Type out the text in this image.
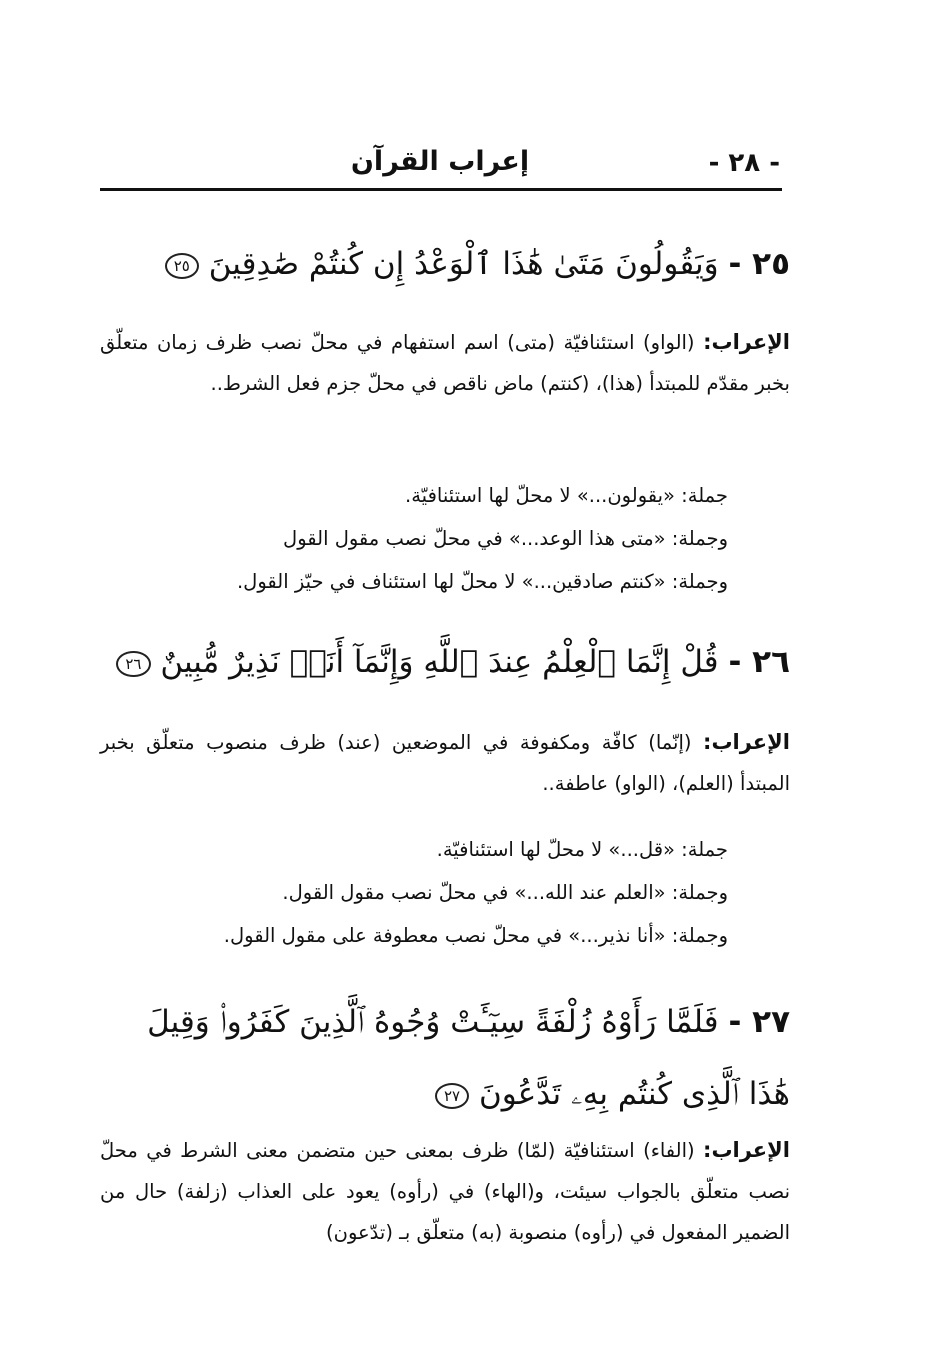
- ٢٨ -
إعراب القرآن
٢٥ - وَيَقُولُونَ مَتَىٰ هَٰذَا ٱلْوَعْدُ إِن كُنتُمْ صَٰدِقِينَ ٢٥
الإعراب: (الواو) استئنافيّة (متى) اسم استفهام في محلّ نصب ظرف زمان متعلّق بخبر مقدّم للمبتدأ (هذا)، (كنتم) ماض ناقص في محلّ جزم فعل الشرط..
جملة: «يقولون...» لا محلّ لها استئنافيّة.
وجملة: «متى هذا الوعد...» في محلّ نصب مقول القول
وجملة: «كنتم صادقين...» لا محلّ لها استئناف في حيّز القول.
٢٦ - قُلْ إِنَّمَا ٱلْعِلْمُ عِندَ ٱللَّهِ وَإِنَّمَآ أَنَا۠ نَذِيرٌ مُّبِينٌ ٢٦
الإعراب: (إنّما) كافّة ومكفوفة في الموضعين (عند) ظرف منصوب متعلّق بخبر المبتدأ (العلم)، (الواو) عاطفة..
جملة: «قل...» لا محلّ لها استئنافيّة.
وجملة: «العلم عند الله...» في محلّ نصب مقول القول.
وجملة: «أنا نذير...» في محلّ نصب معطوفة على مقول القول.
٢٧ - فَلَمَّا رَأَوْهُ زُلْفَةً سِيٓـَٔتْ وُجُوهُ ٱلَّذِينَ كَفَرُوا۟ وَقِيلَ هَٰذَا ٱلَّذِى كُنتُم بِهِۦ تَدَّعُونَ ٢٧
الإعراب: (الفاء) استئنافيّة (لمّا) ظرف بمعنى حين متضمن معنى الشرط في محلّ نصب متعلّق بالجواب سيئت، و(الهاء) في (رأوه) يعود على العذاب (زلفة) حال من الضمير المفعول في (رأوه) منصوبة (به) متعلّق بـ (تدّعون)
